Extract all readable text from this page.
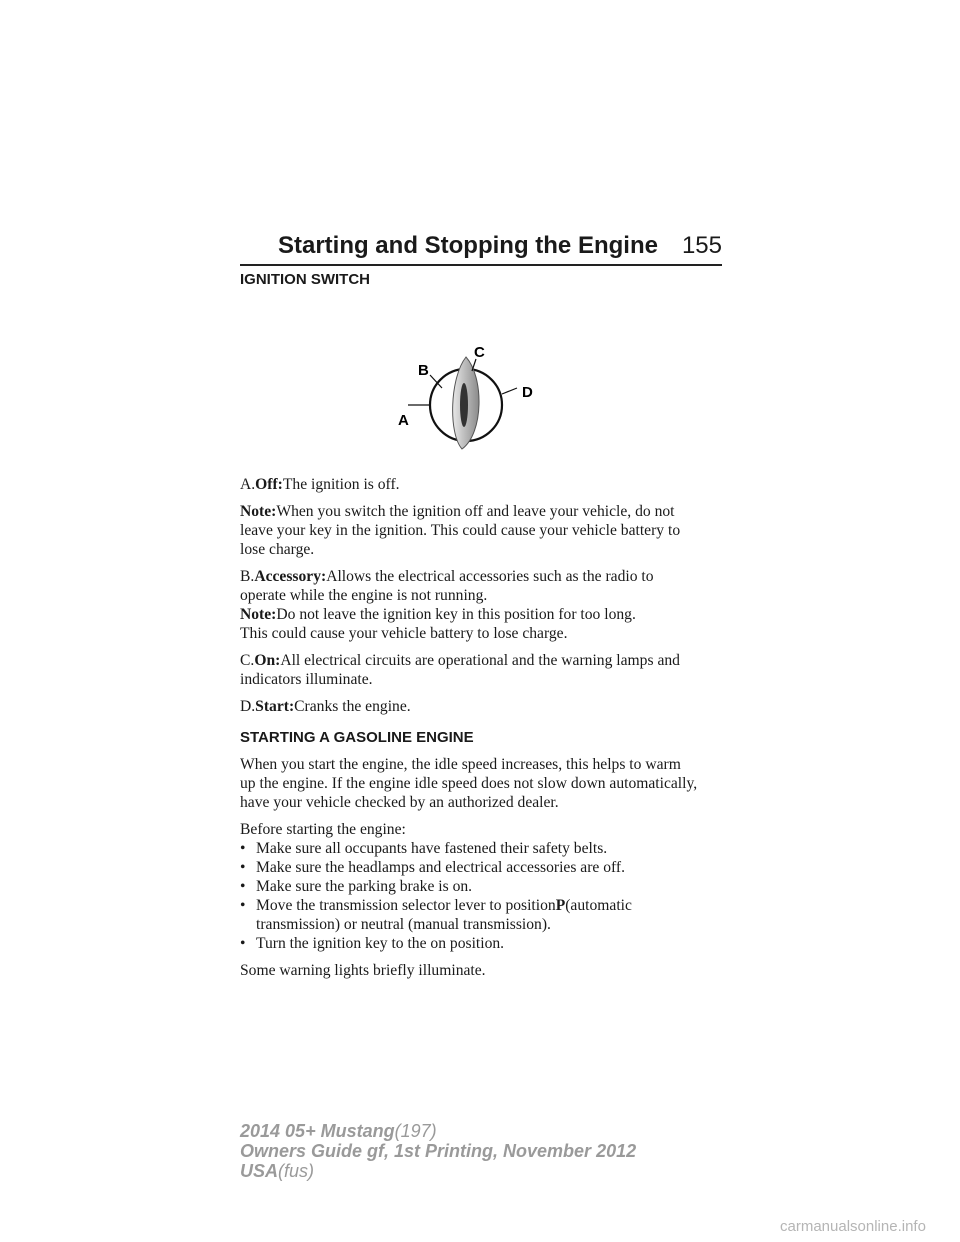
Starting and Stopping the Engine 155

IGNITION SWITCH

A
B
C
D

A.Off:The ignition is off.

Note:When you switch the ignition off and leave your vehicle, do not
leave your key in the ignition. This could cause your vehicle battery to
lose charge.

B.Accessory:Allows the electrical accessories such as the radio to
operate while the engine is not running.

Note:Do not leave the ignition key in this position for too long.
This could cause your vehicle battery to lose charge.

C.On:All electrical circuits are operational and the warning lamps and
indicators illuminate.

D.Start:Cranks the engine.

STARTING A GASOLINE ENGINE

When you start the engine, the idle speed increases, this helps to warm
up the engine. If the engine idle speed does not slow down automatically,
have your vehicle checked by an authorized dealer.

Before starting the engine:

• Make sure all occupants have fastened their safety belts.
• Make sure the headlamps and electrical accessories are off.
• Make sure the parking brake is on.
• Move the transmission selector lever to positionP(automatic
transmission) or neutral (manual transmission).
• Turn the ignition key to the on position.

Some warning lights briefly illuminate.

2014 05+ Mustang(197)
Owners Guide gf, 1st Printing, November 2012
USA(fus)
carmanualsonline.info
